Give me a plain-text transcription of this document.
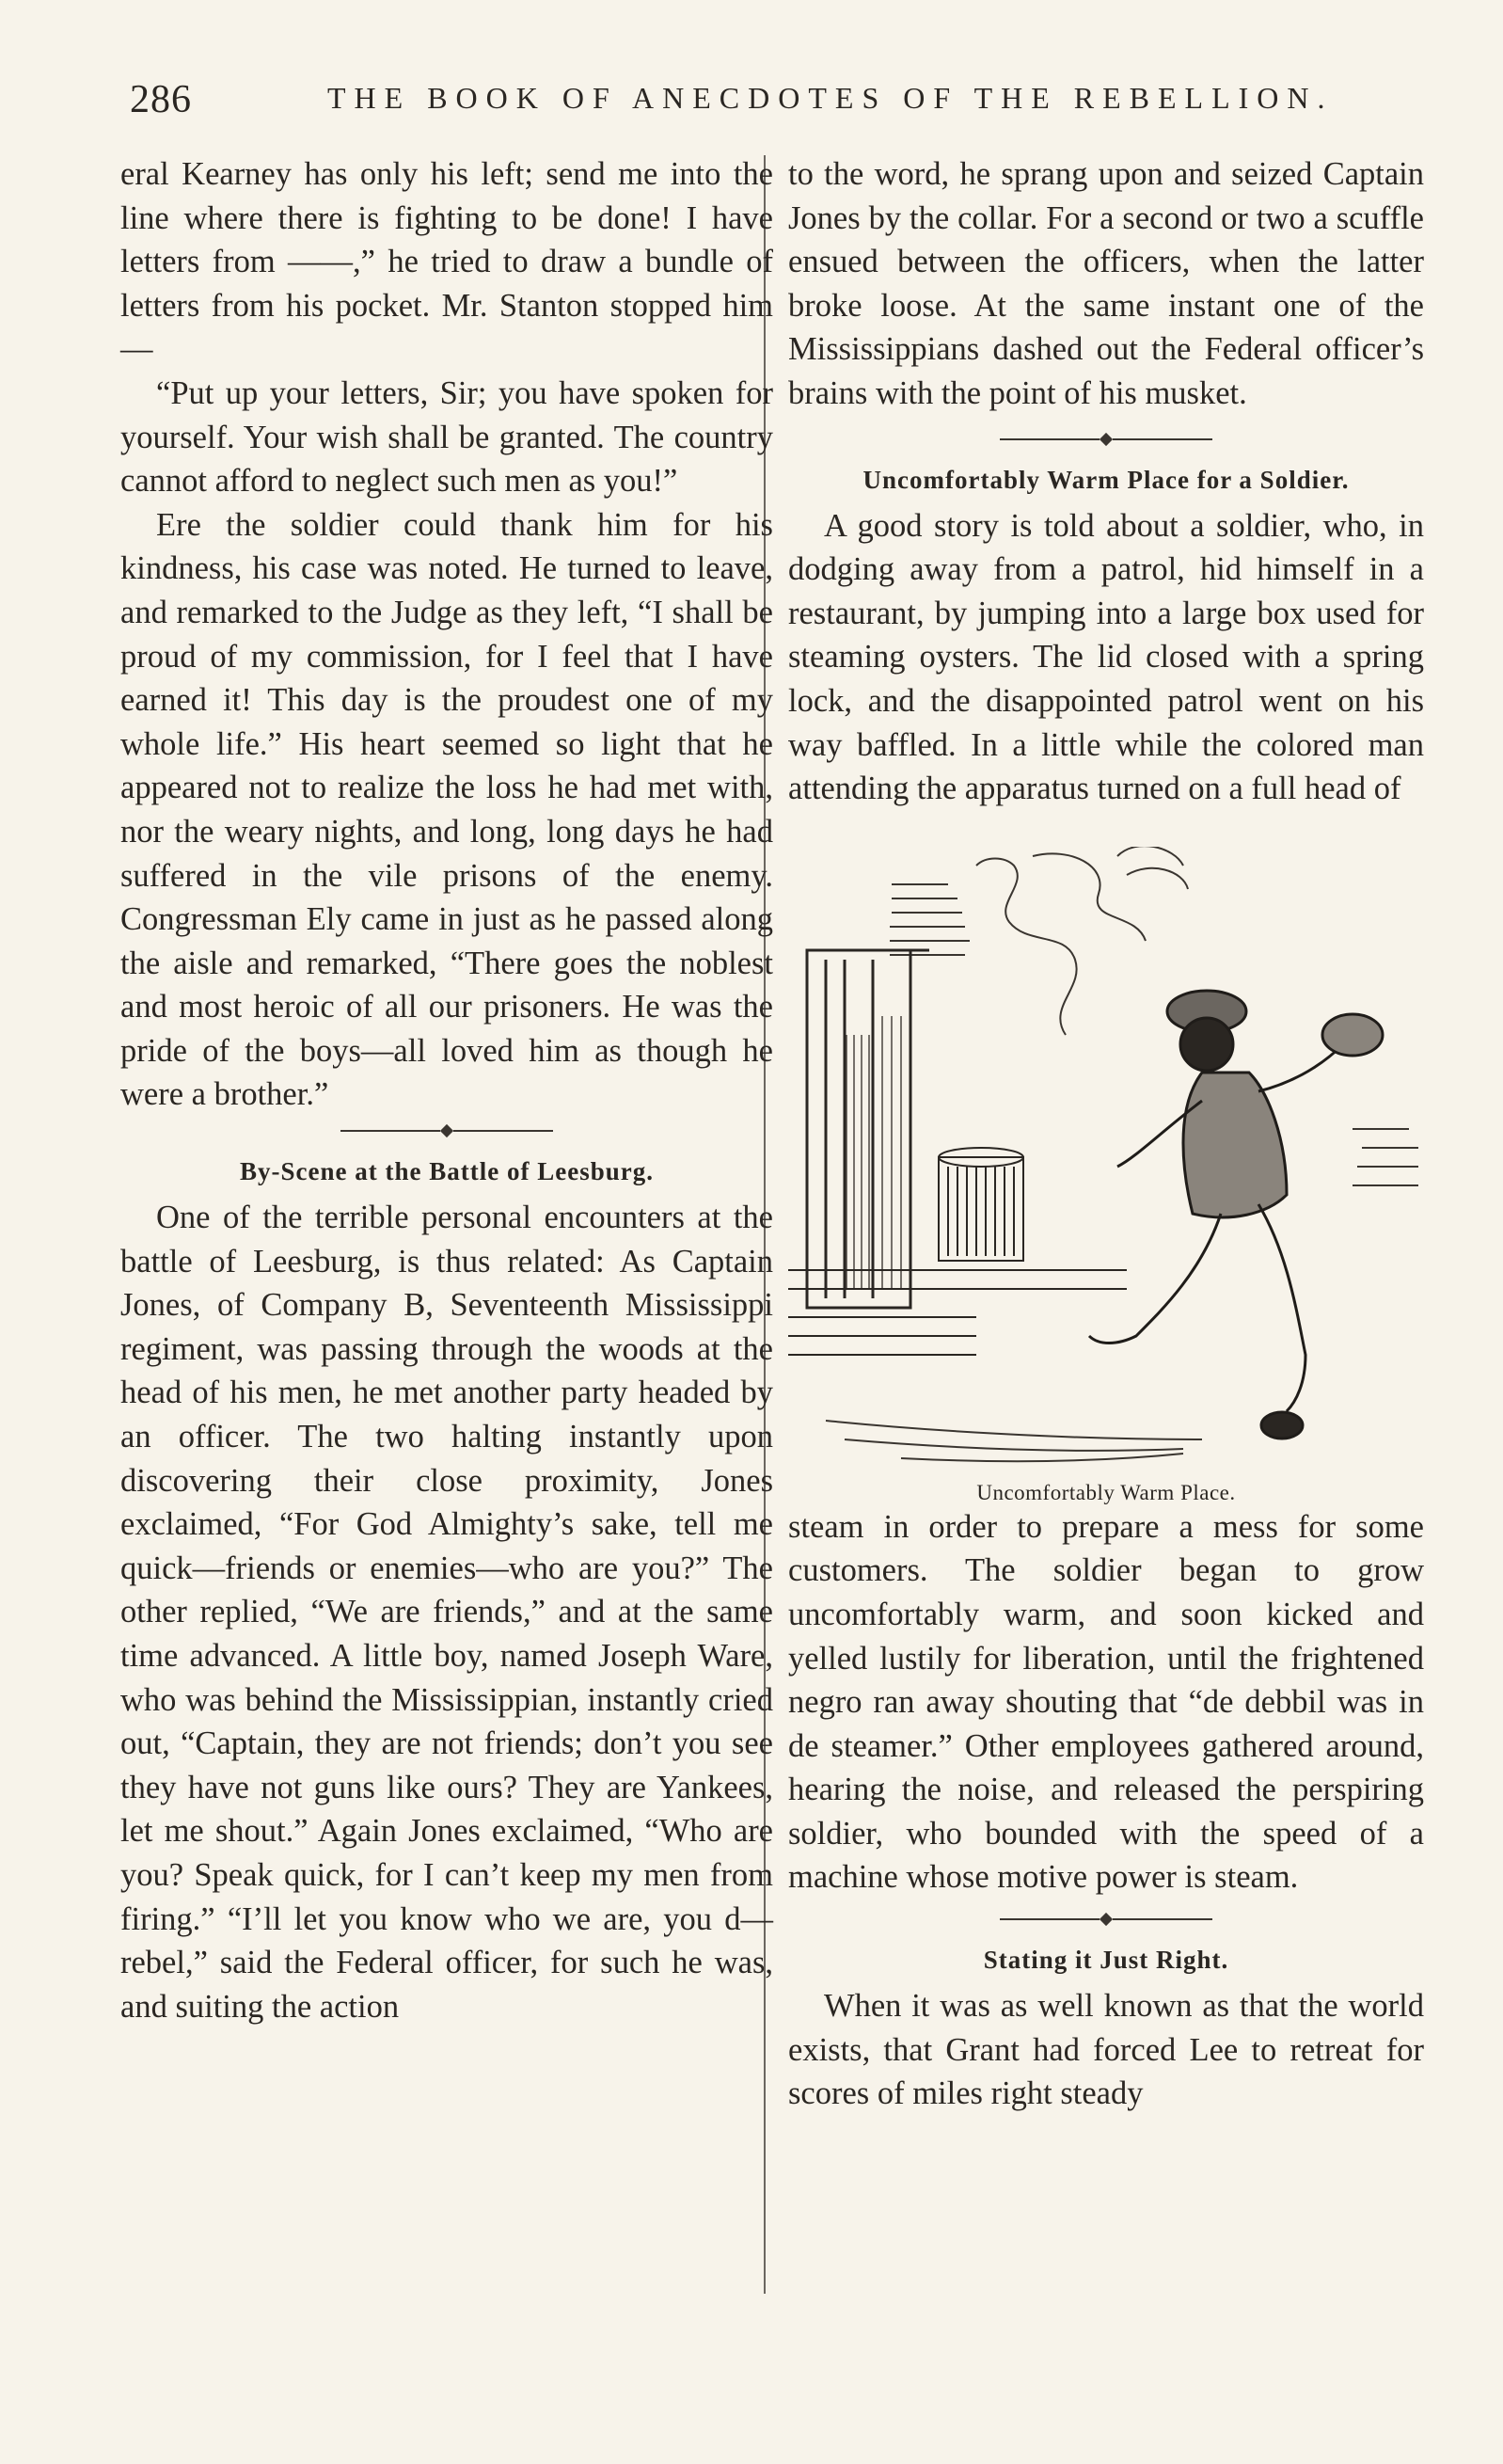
286	THE BOOK OF ANECDOTES OF THE REBELLION.

eral Kearney has only his left; send me into the line where there is fighting to be done! I have letters from ——,” he tried to draw a bundle of letters from his pocket. Mr. Stanton stopped him—

“Put up your letters, Sir; you have spoken for yourself. Your wish shall be granted. The country cannot afford to neglect such men as you!”

Ere the soldier could thank him for his kindness, his case was noted. He turned to leave, and remarked to the Judge as they left, “I shall be proud of my commission, for I feel that I have earned it! This day is the proudest one of my whole life.” His heart seemed so light that he appeared not to realize the loss he had met with, nor the weary nights, and long, long days he had suffered in the vile prisons of the enemy. Congressman Ely came in just as he passed along the aisle and remarked, “There goes the noblest and most heroic of all our prisoners. He was the pride of the boys—all loved him as though he were a brother.”

By-Scene at the Battle of Leesburg.

One of the terrible personal encounters at the battle of Leesburg, is thus related: As Captain Jones, of Company B, Seventeenth Mississippi regiment, was passing through the woods at the head of his men, he met another party headed by an officer. The two halting instantly upon discovering their close proximity, Jones exclaimed, “For God Almighty’s sake, tell me quick—friends or enemies—who are you?” The other replied, “We are friends,” and at the same time advanced. A little boy, named Joseph Ware, who was behind the Mississippian, instantly cried out, “Captain, they are not friends; don’t you see they have not guns like ours? They are Yankees, let me shout.” Again Jones exclaimed, “Who are you? Speak quick, for I can’t keep my men from firing.” “I’ll let you know who we are, you d— rebel,” said the Federal officer, for such he was, and suiting the action

to the word, he sprang upon and seized Captain Jones by the collar. For a second or two a scuffle ensued between the officers, when the latter broke loose. At the same instant one of the Mississippians dashed out the Federal officer’s brains with the point of his musket.

Uncomfortably Warm Place for a Soldier.

A good story is told about a soldier, who, in dodging away from a patrol, hid himself in a restaurant, by jumping into a large box used for steaming oysters. The lid closed with a spring lock, and the disappointed patrol went on his way baffled. In a little while the colored man attending the apparatus turned on a full head of

Uncomfortably Warm Place.

steam in order to prepare a mess for some customers. The soldier began to grow uncomfortably warm, and soon kicked and yelled lustily for liberation, until the frightened negro ran away shouting that “de debbil was in de steamer.” Other employees gathered around, hearing the noise, and released the perspiring soldier, who bounded with the speed of a machine whose motive power is steam.

Stating it Just Right.

When it was as well known as that the world exists, that Grant had forced Lee to retreat for scores of miles right steady
